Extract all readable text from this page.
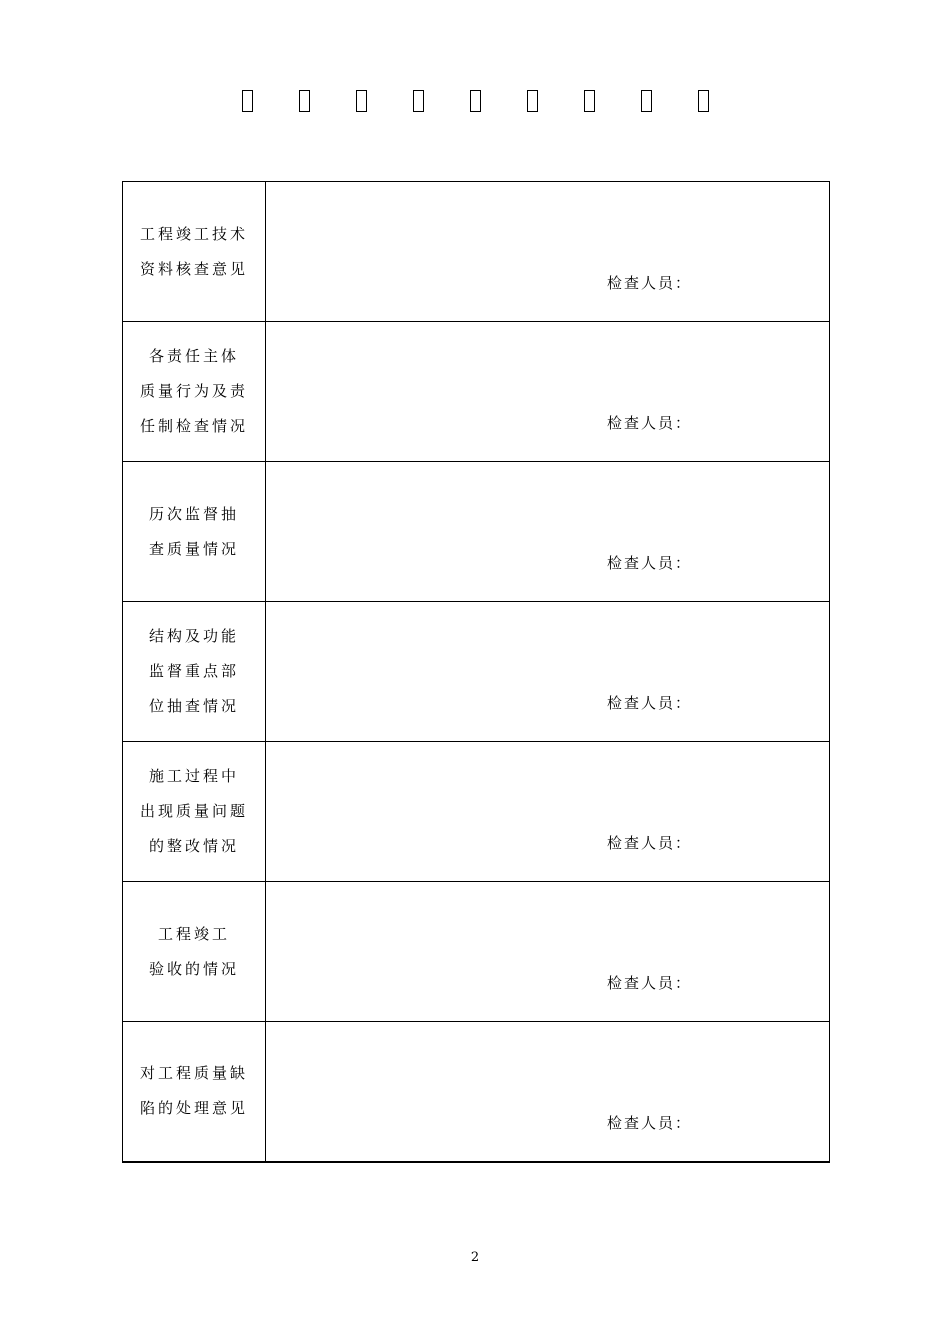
工程竣工技术
资料核查意见	检查人员：

各责任主体
质量行为及责
任制检查情况	检查人员：

历次监督抽
查质量情况	检查人员：

结构及功能
监督重点部
位抽查情况	检查人员：

施工过程中
出现质量问题
的整改情况	检查人员：

工程竣工
验收的情况	检查人员：

对工程质量缺
陷的处理意见	检查人员：
2
